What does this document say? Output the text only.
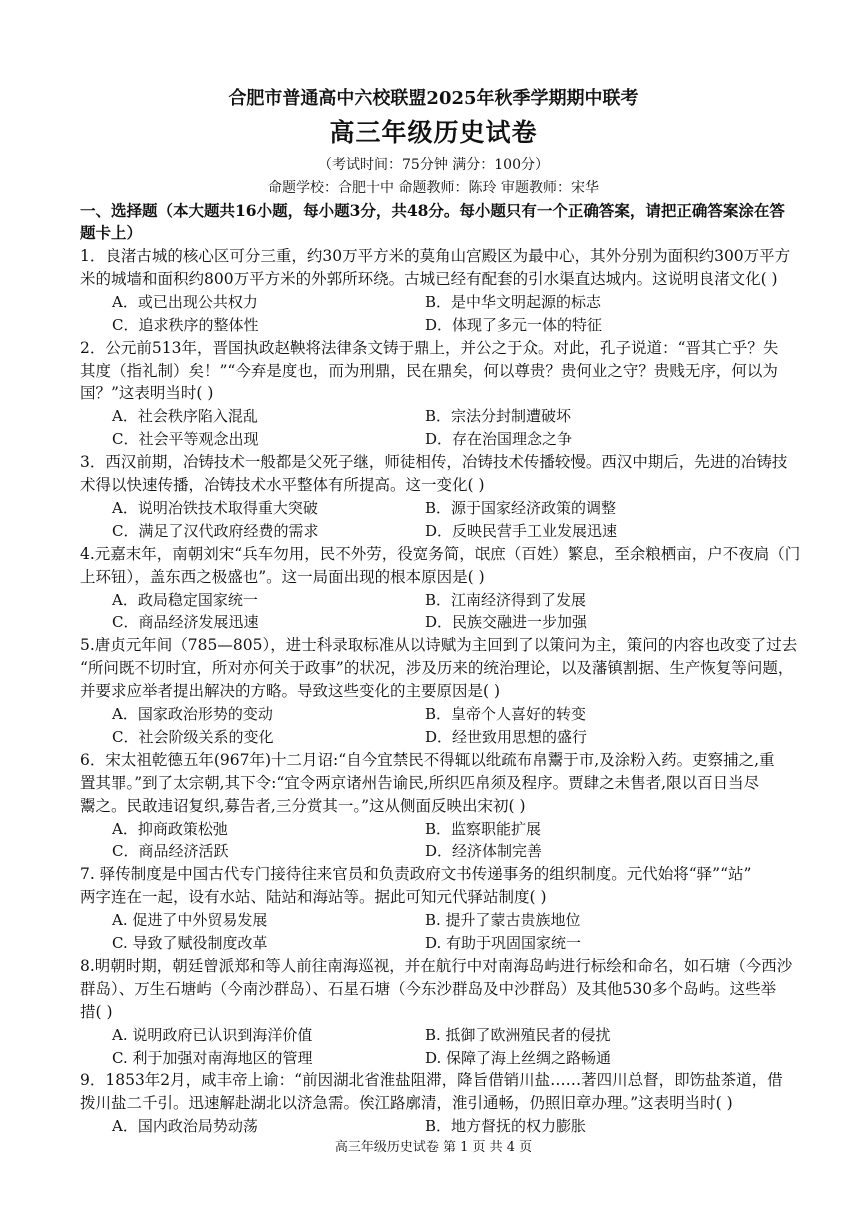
合肥市普通高中六校联盟2025年秋季学期期中联考
高三年级历史试卷
（考试时间：75分钟 满分：100分）
命题学校：合肥十中 命题教师：陈玲 审题教师：宋华
一、选择题（本大题共16小题，每小题3分，共48分。每小题只有一个正确答案，请把正确答案涂在答
题卡上）
1．良渚古城的核心区可分三重，约30万平方米的莫角山宫殿区为最中心，其外分别为面积约300万平方
米的城墙和面积约800万平方米的外郭所环绕。古城已经有配套的引水渠直达城内。这说明良渚文化( )
A．或已出现公共权力	B．是中华文明起源的标志
C．追求秩序的整体性	D．体现了多元一体的特征
2．公元前513年，晋国执政赵鞅将法律条文铸于鼎上，并公之于众。对此，孔子说道：“晋其亡乎？失
其度（指礼制）矣！”“今弃是度也，而为刑鼎，民在鼎矣，何以尊贵？贵何业之守？贵贱无序，何以为
国？”这表明当时( )
A．社会秩序陷入混乱	B．宗法分封制遭破坏
C．社会平等观念出现	D．存在治国理念之争
3．西汉前期，冶铸技术一般都是父死子继，师徒相传，冶铸技术传播较慢。西汉中期后，先进的冶铸技
术得以快速传播，冶铸技术水平整体有所提高。这一变化( )
A．说明冶铁技术取得重大突破	B．源于国家经济政策的调整
C．满足了汉代政府经费的需求	D．反映民营手工业发展迅速
4.元嘉末年，南朝刘宋“兵车勿用，民不外劳，役宽务简，氓庶（百姓）繁息，至余粮栖亩，户不夜扃（门
上环钮），盖东西之极盛也”。这一局面出现的根本原因是( )
A．政局稳定国家统一	B．江南经济得到了发展
C．商品经济发展迅速	D．民族交融进一步加强
5.唐贞元年间（785—805），进士科录取标准从以诗赋为主回到了以策问为主，策问的内容也改变了过去
“所问既不切时宜，所对亦何关于政事”的状况，涉及历来的统治理论，以及藩镇割据、生产恢复等问题，
并要求应举者提出解决的方略。导致这些变化的主要原因是( )
A．国家政治形势的变动	B．皇帝个人喜好的转变
C．社会阶级关系的变化	D．经世致用思想的盛行
6．宋太祖乾德五年(967年)十二月诏:“自今宜禁民不得辄以纰疏布帛鬻于市,及涂粉入药。吏察捕之,重
置其罪。”到了太宗朝,其下令:“宜令两京诸州告谕民,所织匹帛须及程序。贾肆之未售者,限以百日当尽
鬻之。民敢违诏复织,募告者,三分赏其一。”这从侧面反映出宋初( )
A．抑商政策松弛	B．监察职能扩展
C．商品经济活跃	D．经济体制完善
7. 驿传制度是中国古代专门接待往来官员和负责政府文书传递事务的组织制度。元代始将“驿”“站”
两字连在一起，设有水站、陆站和海站等。据此可知元代驿站制度( )
A. 促进了中外贸易发展	B. 提升了蒙古贵族地位
C. 导致了赋役制度改革	D. 有助于巩固国家统一
8.明朝时期，朝廷曾派郑和等人前往南海巡视，并在航行中对南海岛屿进行标绘和命名，如石塘（今西沙
群岛）、万生石塘屿（今南沙群岛）、石星石塘（今东沙群岛及中沙群岛）及其他530多个岛屿。这些举
措( )
A. 说明政府已认识到海洋价值	B. 抵御了欧洲殖民者的侵扰
C. 利于加强对南海地区的管理	D. 保障了海上丝绸之路畅通
9．1853年2月，咸丰帝上谕：“前因湖北省淮盐阻滞，降旨借销川盐……著四川总督，即饬盐茶道，借
拨川盐二千引。迅速解赴湖北以济急需。俟江路廓清，淮引通畅，仍照旧章办理。”这表明当时( )
A．国内政治局势动荡	B．地方督抚的权力膨胀
高三年级历史试卷 第 1 页 共 4 页
